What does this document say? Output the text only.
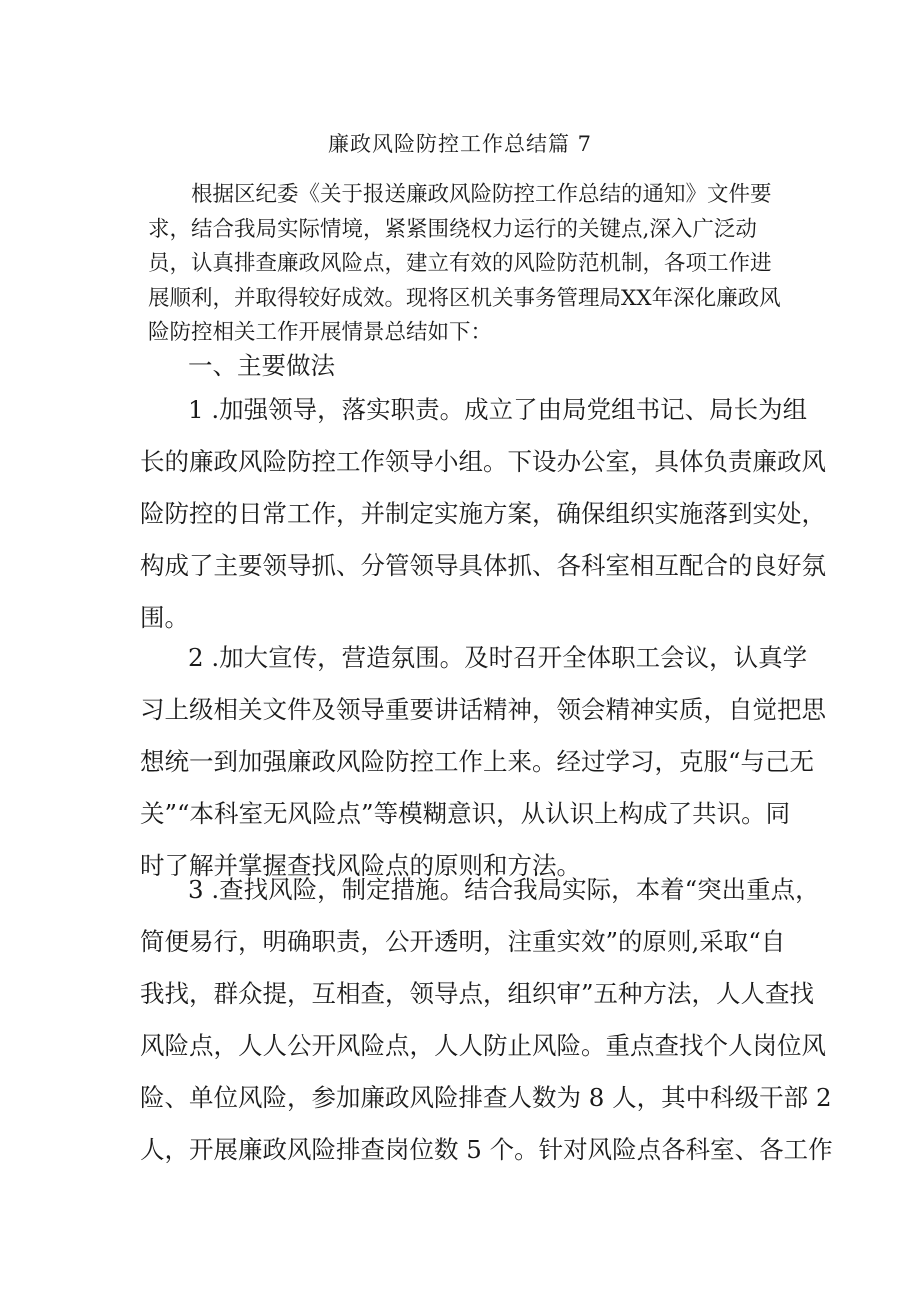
廉政风险防控工作总结篇 7

根据区纪委《关于报送廉政风险防控工作总结的通知》文件要求，结合我局实际情境，紧紧围绕权力运行的关键点,深入广泛动员，认真排查廉政风险点，建立有效的风险防范机制，各项工作进展顺利，并取得较好成效。现将区机关事务管理局XX年深化廉政风险防控相关工作开展情景总结如下：

一、主要做法

1 .加强领导，落实职责。成立了由局党组书记、局长为组
长的廉政风险防控工作领导小组。下设办公室，具体负责廉政风
险防控的日常工作，并制定实施方案，确保组织实施落到实处，
构成了主要领导抓、分管领导具体抓、各科室相互配合的良好氛
围。

2 .加大宣传，营造氛围。及时召开全体职工会议，认真学
习上级相关文件及领导重要讲话精神，领会精神实质，自觉把思
想统一到加强廉政风险防控工作上来。经过学习，克服“与己无
关”“本科室无风险点”等模糊意识，从认识上构成了共识。同
时了解并掌握查找风险点的原则和方法。

3 .查找风险，制定措施。结合我局实际，本着“突出重点，
简便易行，明确职责，公开透明，注重实效”的原则,采取“自
我找，群众提，互相查，领导点，组织审”五种方法，人人查找
风险点，人人公开风险点，人人防止风险。重点查找个人岗位风
险、单位风险，参加廉政风险排查人数为 8 人，其中科级干部 2
人，开展廉政风险排查岗位数 5 个。针对风险点各科室、各工作
